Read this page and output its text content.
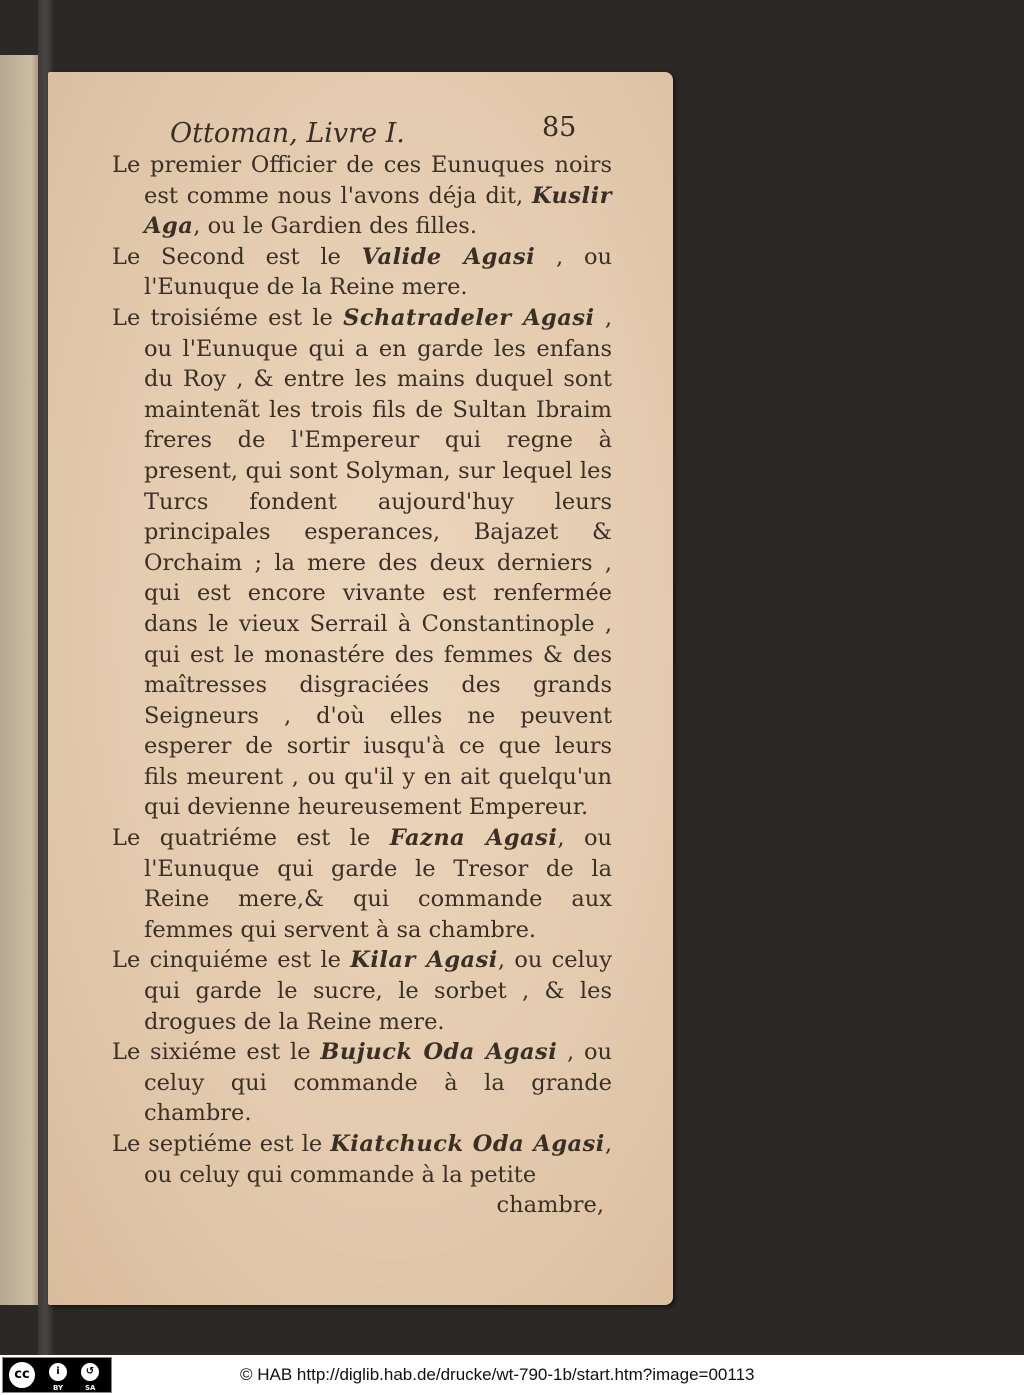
Ottoman, Livre I.	85

Le premier Officier de ces Eunuques noirs est comme nous l'avons déja dit, Kuslir Aga, ou le Gardien des filles.

Le Second est le Valide Agasi , ou l'Eunuque de la Reine mere.

Le troisiéme est le Schatradeler Agasi , ou l'Eunuque qui a en garde les enfans du Roy , & entre les mains duquel sont maintenãt les trois fils de Sultan Ibraim freres de l'Empereur qui regne à present, qui sont Solyman, sur lequel les Turcs fondent aujourd'huy leurs principales esperances, Bajazet & Orchaim ; la mere des deux derniers , qui est encore vivante est renfermée dans le vieux Serrail à Constantinople , qui est le monastére des femmes & des maîtresses disgraciées des grands Seigneurs , d'où elles ne peuvent esperer de sortir iusqu'à ce que leurs fils meurent , ou qu'il y en ait quelqu'un qui devienne heureusement Empereur.

Le quatriéme est le Fazna Agasi, ou l'Eunuque qui garde le Tresor de la Reine mere,& qui commande aux femmes qui servent à sa chambre.

Le cinquiéme est le Kilar Agasi, ou celuy qui garde le sucre, le sorbet , & les drogues de la Reine mere.

Le sixiéme est le Bujuck Oda Agasi , ou celuy qui commande à la grande chambre.

Le septiéme est le Kiatchuck Oda Agasi, ou celuy qui commande à la petite

chambre,

cc	i	↺
BY	SA
© HAB http://diglib.hab.de/drucke/wt-790-1b/start.htm?image=00113
